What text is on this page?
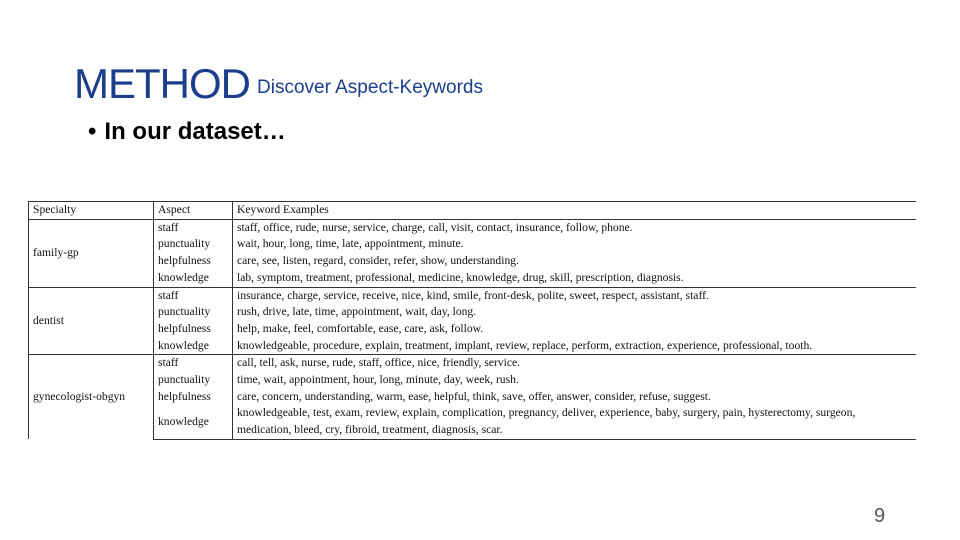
METHOD Discover Aspect-Keywords
• In our dataset…
Specialty	Aspect	Keyword Examples
family-gp	staff	staff, office, rude, nurse, service, charge, call, visit, contact, insurance, follow, phone.
	punctuality	wait, hour, long, time, late, appointment, minute.
	helpfulness	care, see, listen, regard, consider, refer, show, understanding.
	knowledge	lab, symptom, treatment, professional, medicine, knowledge, drug, skill, prescription, diagnosis.
dentist	staff	insurance, charge, service, receive, nice, kind, smile, front-desk, polite, sweet, respect, assistant, staff.
	punctuality	rush, drive, late, time, appointment, wait, day, long.
	helpfulness	help, make, feel, comfortable, ease, care, ask, follow.
	knowledge	knowledgeable, procedure, explain, treatment, implant, review, replace, perform, extraction, experience, professional, tooth.
gynecologist-obgyn	staff	call, tell, ask, nurse, rude, staff, office, nice, friendly, service.
	punctuality	time, wait, appointment, hour, long, minute, day, week, rush.
	helpfulness	care, concern, understanding, warm, ease, helpful, think, save, offer, answer, consider, refuse, suggest.
	knowledge	knowledgeable, test, exam, review, explain, complication, pregnancy, deliver, experience, baby, surgery, pain, hysterectomy, surgeon, medication, bleed, cry, fibroid, treatment, diagnosis, scar.
9
